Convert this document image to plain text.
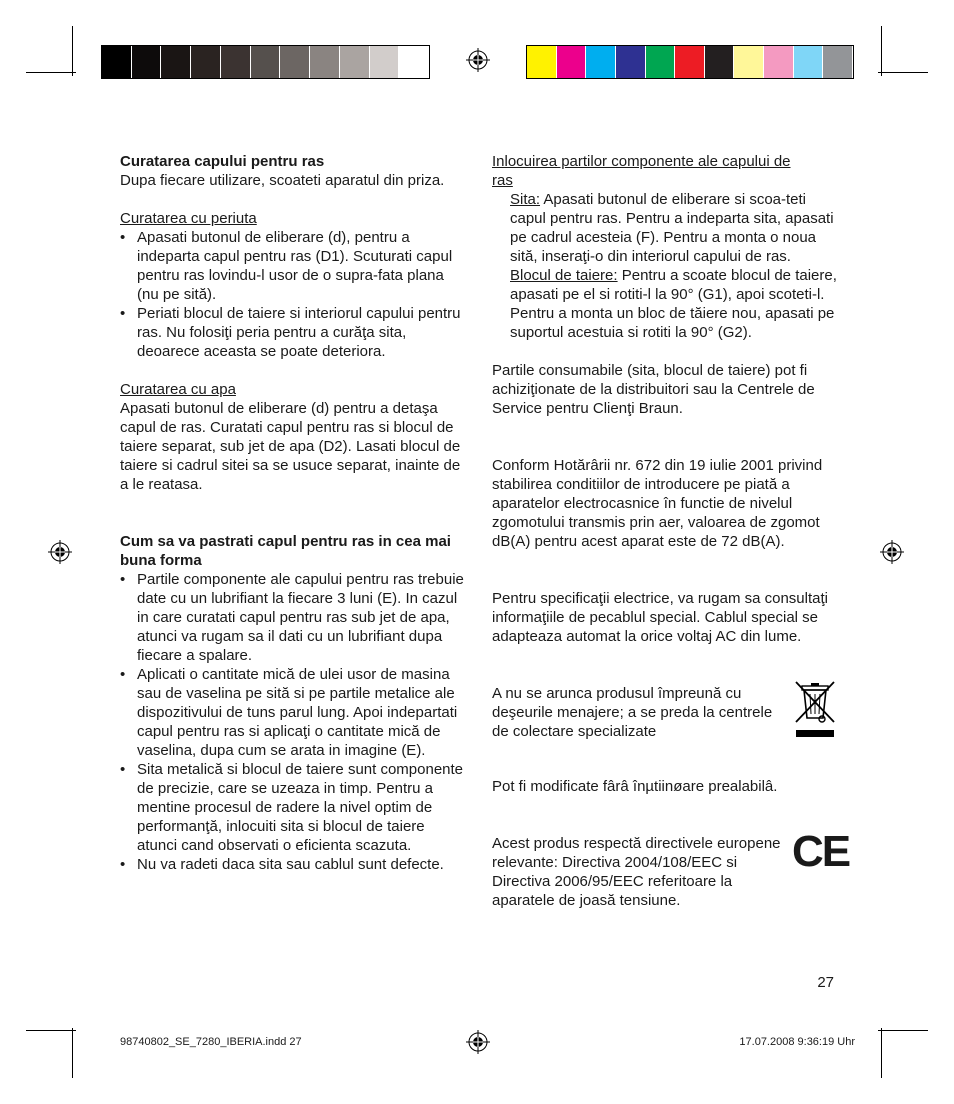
Curatarea capului pentru ras
Dupa fiecare utilizare, scoateti aparatul din priza.
Curatarea cu periuta
• Apasati butonul de eliberare (d), pentru a indeparta capul pentru ras (D1). Scuturati capul pentru ras lovindu-l usor de o supra-fata plana (nu pe sită).
• Periati blocul de taiere si interiorul capului pentru ras. Nu folosiţi peria pentru a curăţa sita, deoarece aceasta se poate deteriora.
Curatarea cu apa
Apasati butonul de eliberare (d) pentru a detaşa capul de ras. Curatati capul pentru ras si blocul de taiere separat, sub jet de apa (D2). Lasati blocul de taiere si cadrul sitei sa se usuce separat, inainte de a le reatasa.
Cum sa va pastrati capul pentru ras in cea mai buna forma
• Partile componente ale capului pentru ras trebuie date cu un lubrifiant la fiecare 3 luni (E). In cazul in care curatati capul pentru ras sub jet de apa, atunci va rugam sa il dati cu un lubrifiant dupa fiecare a spalare.
• Aplicati o cantitate mică de ulei usor de masina sau de vaselina pe sită si pe partile metalice ale dispozitivului de tuns parul lung. Apoi indepartati capul pentru ras si aplicaţi o cantitate mică de vaselina, dupa cum se arata in imagine (E).
• Sita metalică si blocul de taiere sunt componente de precizie, care se uzeaza in timp. Pentru a mentine procesul de radere la nivel optim de performanţă, inlocuiti sita si blocul de taiere atunci cand observati o eficienta scazuta.
• Nu va radeti daca sita sau cablul sunt defecte.
Inlocuirea partilor componente ale capului de ras
Sita: Apasati butonul de eliberare si scoa-teti capul pentru ras. Pentru a indeparta sita, apasati pe cadrul acesteia (F). Pentru a monta o noua sită, inseraţi-o din interiorul capului de ras.
Blocul de taiere: Pentru a scoate blocul de taiere, apasati pe el si rotiti-l la 90° (G1), apoi scoteti-l. Pentru a monta un bloc de tăiere nou, apasati pe suportul acestuia si rotiti la 90° (G2).
Partile consumabile (sita, blocul de taiere) pot fi achiziţionate de la distribuitori sau la Centrele de Service pentru Clienţi Braun.
Conform Hotărârii nr. 672 din 19 iulie 2001 privind stabilirea conditiilor de introducere pe piată a aparatelor electrocasnice în functie de nivelul zgomotului transmis prin aer, valoarea de zgomot dB(A) pentru acest aparat este de 72 dB(A).
Pentru specificaţii electrice, va rugam sa consultaţi informaţiile de pecablul special. Cablul special se adapteaza automat la orice voltaj AC din lume.
A nu se arunca produsul împreună cu deşeurile menajere; a se preda la centrele de colectare specializate
Pot fi modificate fârâ înµtiinøare prealabilâ.
Acest produs respectă directivele europene relevante: Directiva 2004/108/EEC si Directiva 2006/95/EEC referitoare la aparatele de joasă tensiune.
CE
27
98740802_SE_7280_IBERIA.indd 27	17.07.2008 9:36:19 Uhr
